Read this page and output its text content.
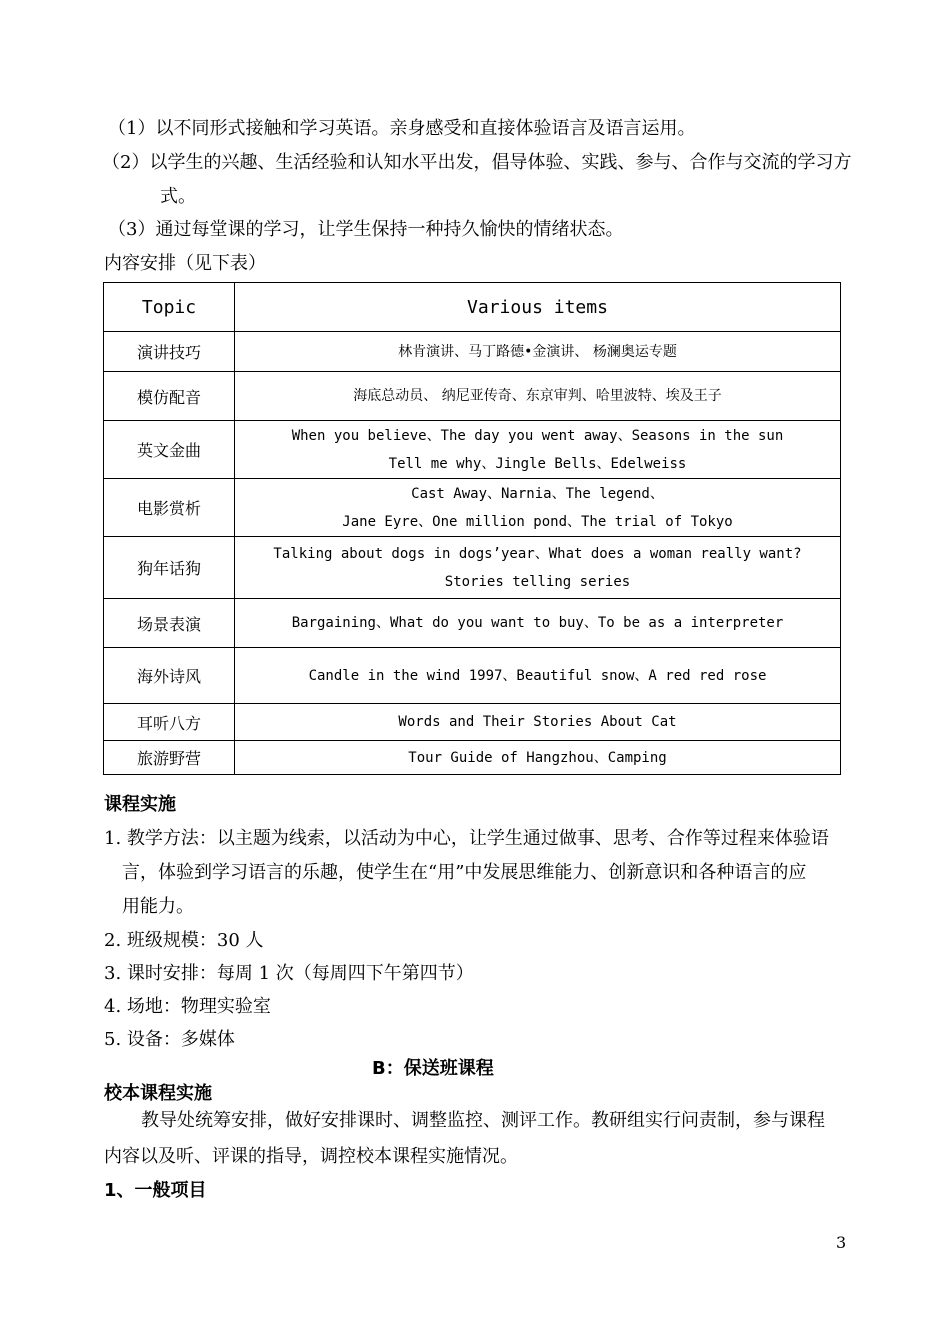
（1）以不同形式接触和学习英语。亲身感受和直接体验语言及语言运用。
（2）以学生的兴趣、生活经验和认知水平出发，倡导体验、实践、参与、合作与交流的学习方
式。
（3）通过每堂课的学习，让学生保持一种持久愉快的情绪状态。
内容安排（见下表）
Topic	Various items
演讲技巧	林肯演讲、马丁路德•金演讲、 杨澜奥运专题

模仿配音	海底总动员、 纳尼亚传奇、东京审判、哈里波特、埃及王子

英文金曲	When you believe、The day you went away、Seasons in the sun
Tell me why、Jingle Bells、Edelweiss

电影赏析	Cast Away、Narnia、The legend、
Jane Eyre、One million pond、The trial of Tokyo

狗年话狗	Talking about dogs in dogs’year、What does a woman really want?
Stories telling series

场景表演	Bargaining、What do you want to buy、To be as a interpreter

海外诗风	Candle in the wind 1997、Beautiful snow、A red red rose

耳听八方	Words and Their Stories About Cat

旅游野营	Tour Guide of Hangzhou、Camping
课程实施
1. 教学方法：以主题为线索，以活动为中心，让学生通过做事、思考、合作等过程来体验语
言，体验到学习语言的乐趣，使学生在“用”中发展思维能力、创新意识和各种语言的应
用能力。
2. 班级规模：30 人
3. 课时安排：每周 1 次（每周四下午第四节）
4. 场地：物理实验室
5. 设备：多媒体
B：保送班课程
校本课程实施
教导处统筹安排，做好安排课时、调整监控、测评工作。教研组实行问责制，参与课程
内容以及听、评课的指导，调控校本课程实施情况。
1、一般项目
3
